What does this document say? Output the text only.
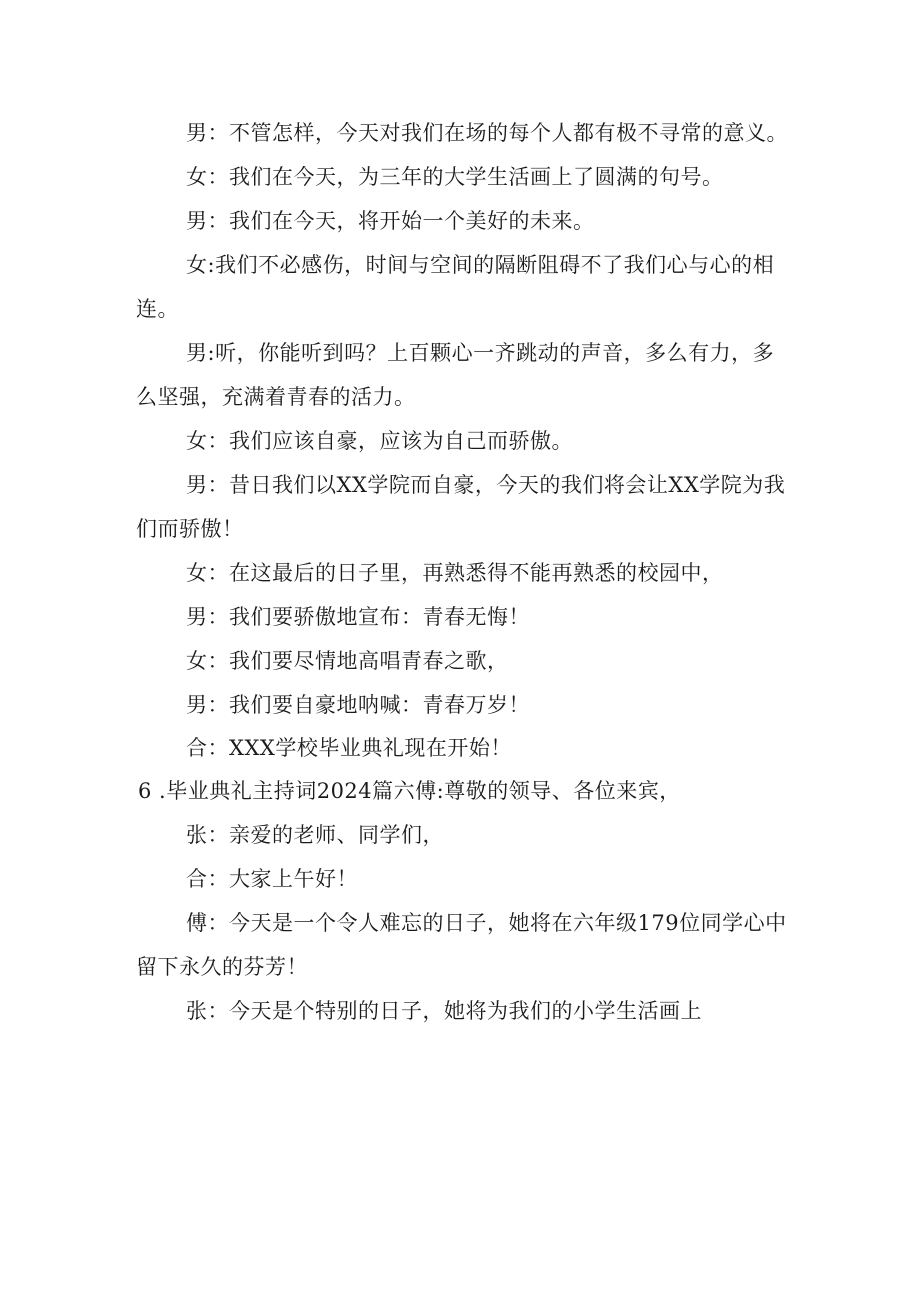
男：不管怎样，今天对我们在场的每个人都有极不寻常的意义。
女：我们在今天，为三年的大学生活画上了圆满的句号。
男：我们在今天，将开始一个美好的未来。
女:我们不必感伤，时间与空间的隔断阻碍不了我们心与心的相
连。
男:听，你能听到吗？上百颗心一齐跳动的声音，多么有力，多
么坚强，充满着青春的活力。
女：我们应该自豪，应该为自己而骄傲。
男：昔日我们以XX学院而自豪，今天的我们将会让XX学院为我
们而骄傲！
女：在这最后的日子里，再熟悉得不能再熟悉的校园中，
男：我们要骄傲地宣布：青春无悔！
女：我们要尽情地高唱青春之歌，
男：我们要自豪地呐喊：青春万岁！
合：XXX学校毕业典礼现在开始！
6 .毕业典礼主持词2024篇六傅:尊敬的领导、各位来宾，
张：亲爱的老师、同学们，
合：大家上午好！
傅：今天是一个令人难忘的日子，她将在六年级179位同学心中
留下永久的芬芳！
张：今天是个特别的日子，她将为我们的小学生活画上
